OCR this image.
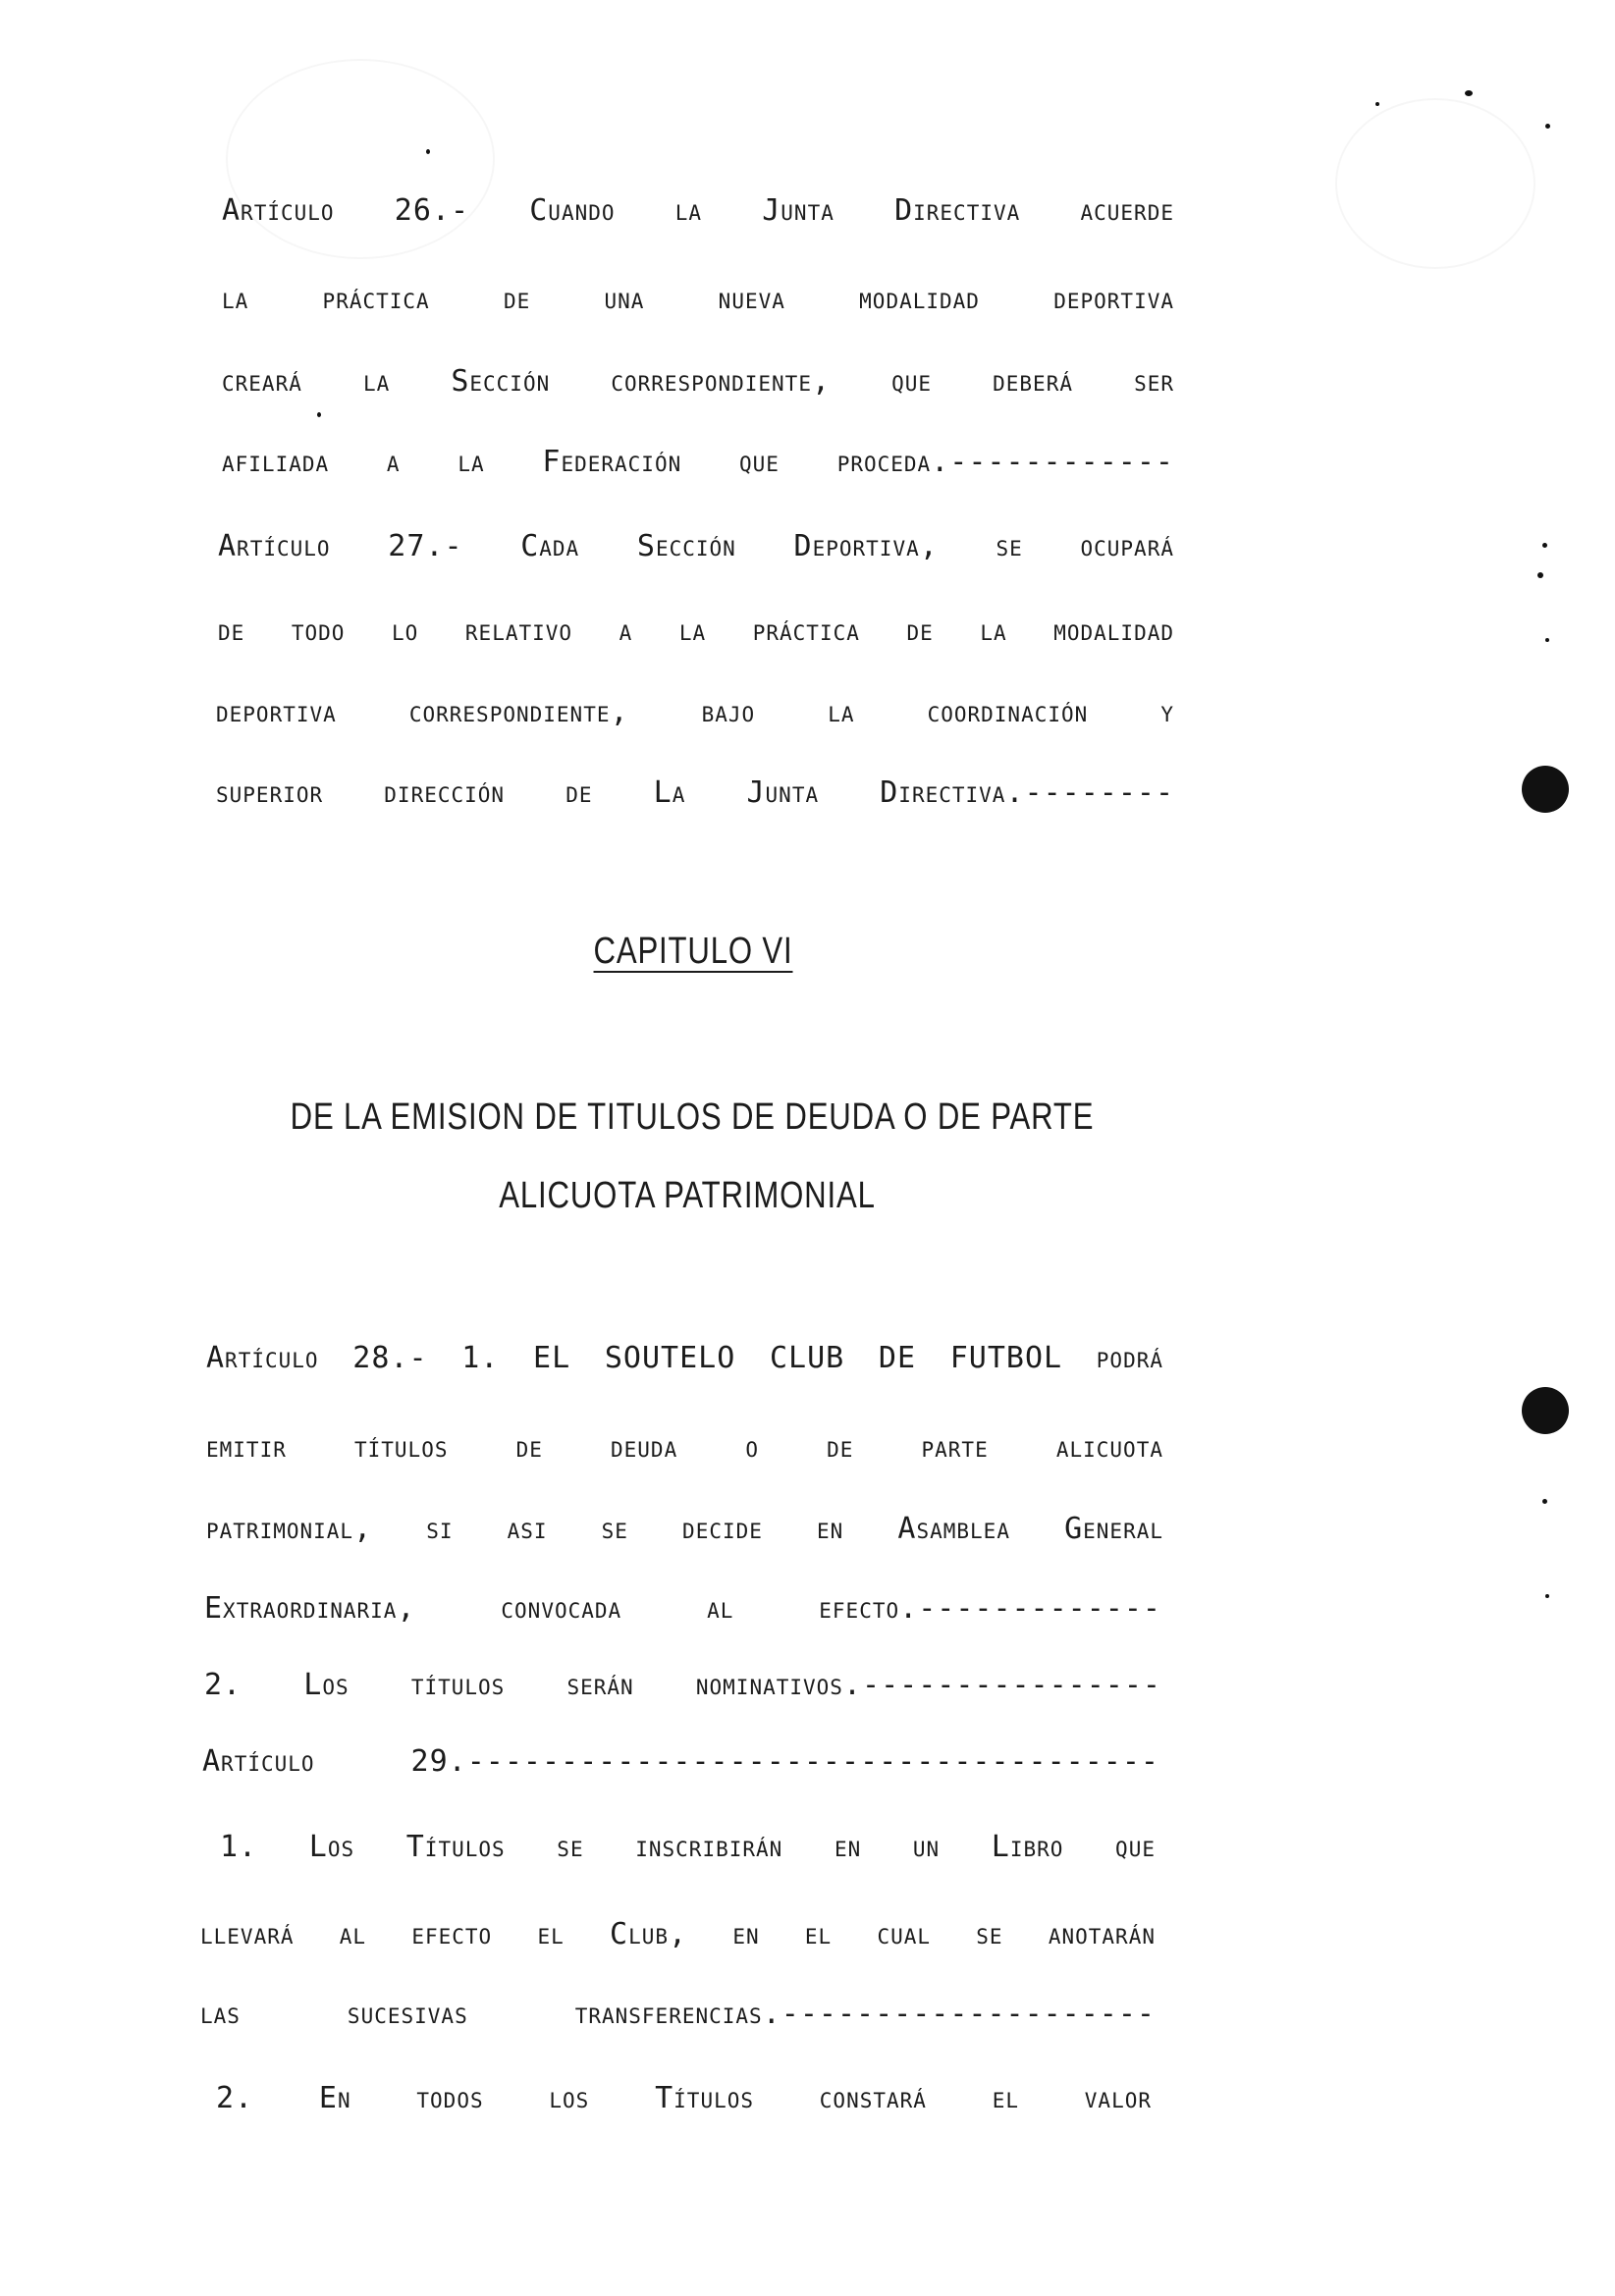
Artículo 26.- Cuando la Junta Directiva acuerde
la práctica de una nueva modalidad deportiva
creará la Sección correspondiente, que deberá ser
afiliada a la Federación que proceda.------------
Artículo 27.- Cada Sección Deportiva, se ocupará
de todo lo relativo a la práctica de la modalidad
deportiva correspondiente, bajo la coordinación y
superior dirección de La Junta Directiva.--------
CAPITULO VI
DE LA EMISION DE TITULOS DE DEUDA O DE PARTE
ALICUOTA PATRIMONIAL
Artículo 28.- 1. EL SOUTELO CLUB DE FUTBOL podrá
emitir títulos de deuda o de parte alicuota
patrimonial, si asi se decide en Asamblea General
Extraordinaria, convocada al efecto.-------------
2. Los títulos serán nominativos.----------------
Artículo 29.-------------------------------------
1. Los Títulos se inscribirán en un Libro que
llevará al efecto el Club, en el cual se anotarán
las sucesivas transferencias.--------------------
2. En todos los Títulos constará el valor
